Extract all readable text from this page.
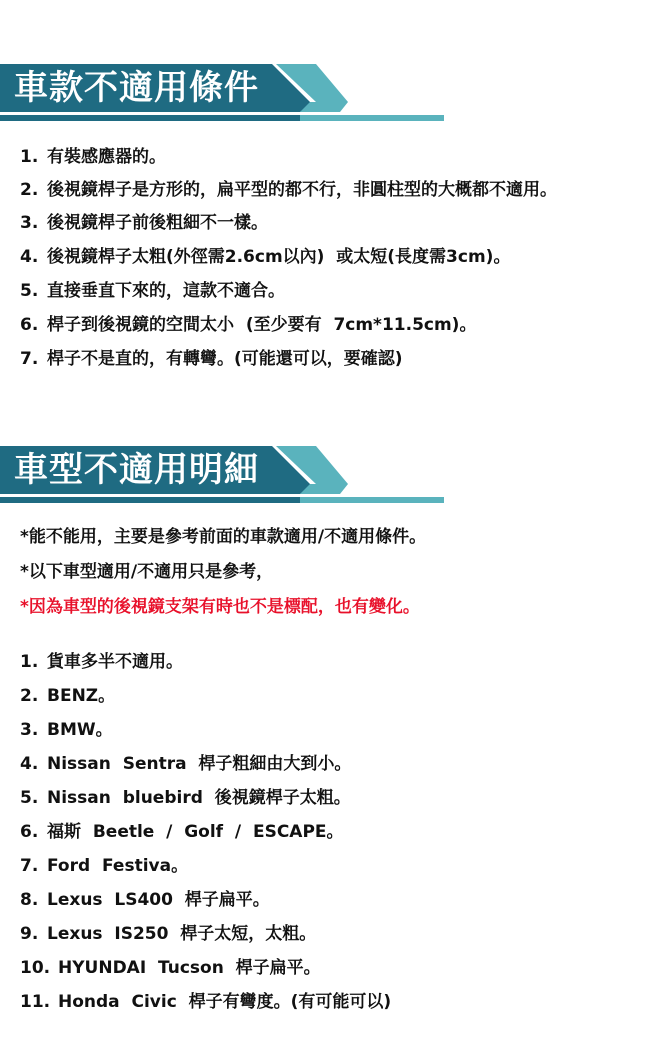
車款不適用條件
1. 有裝感應器的。
2. 後視鏡桿子是方形的，扁平型的都不行，非圓柱型的大概都不適用。
3. 後視鏡桿子前後粗細不一樣。
4. 後視鏡桿子太粗(外徑需2.6cm以內)  或太短(長度需3cm)。
5. 直接垂直下來的，這款不適合。
6. 桿子到後視鏡的空間太小  (至少要有  7cm*11.5cm)。
7. 桿子不是直的，有轉彎。(可能還可以，要確認)
車型不適用明細
*能不能用，主要是參考前面的車款適用/不適用條件。
*以下車型適用/不適用只是參考，
*因為車型的後視鏡支架有時也不是標配，也有變化。
1. 貨車多半不適用。
2. BENZ。
3. BMW。
4. Nissan  Sentra  桿子粗細由大到小。
5. Nissan  bluebird  後視鏡桿子太粗。
6. 福斯  Beetle  /  Golf  /  ESCAPE。
7. Ford  Festiva。
8. Lexus  LS400  桿子扁平。
9. Lexus  IS250  桿子太短，太粗。
10. HYUNDAI  Tucson  桿子扁平。
11. Honda  Civic  桿子有彎度。(有可能可以)
